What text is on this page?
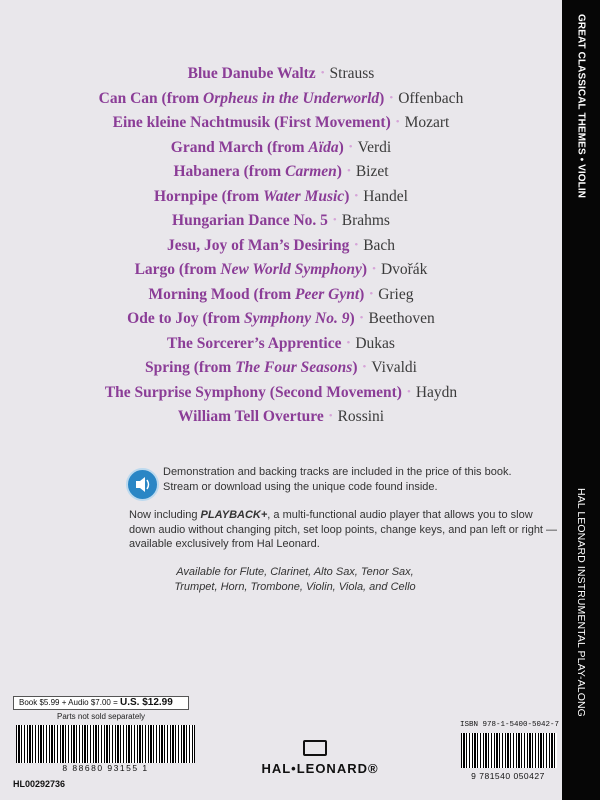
GREAT CLASSICAL THEMES • VIOLIN
HAL LEONARD INSTRUMENTAL PLAY-ALONG
Blue Danube Waltz • Strauss
Can Can (from Orpheus in the Underworld) • Offenbach
Eine kleine Nachtmusik (First Movement) • Mozart
Grand March (from Aïda) • Verdi
Habanera (from Carmen) • Bizet
Hornpipe (from Water Music) • Handel
Hungarian Dance No. 5 • Brahms
Jesu, Joy of Man’s Desiring • Bach
Largo (from New World Symphony) • Dvořák
Morning Mood (from Peer Gynt) • Grieg
Ode to Joy (from Symphony No. 9) • Beethoven
The Sorcerer’s Apprentice • Dukas
Spring (from The Four Seasons) • Vivaldi
The Surprise Symphony (Second Movement) • Haydn
William Tell Overture • Rossini
Demonstration and backing tracks are included in the price of this book.
Stream or download using the unique code found inside.
Now including PLAYBACK+, a multi-functional audio player that allows you to slow down audio without changing pitch, set loop points, change keys, and pan left or right — available exclusively from Hal Leonard.
Available for Flute, Clarinet, Alto Sax, Tenor Sax, Trumpet, Horn, Trombone, Violin, Viola, and Cello
Book $5.99 + Audio $7.00 = U.S. $12.99
Parts not sold separately
8 88680 93155 1
HL00292736
HAL•LEONARD®
ISBN 978-1-5400-5042-7
9 781540 050427
